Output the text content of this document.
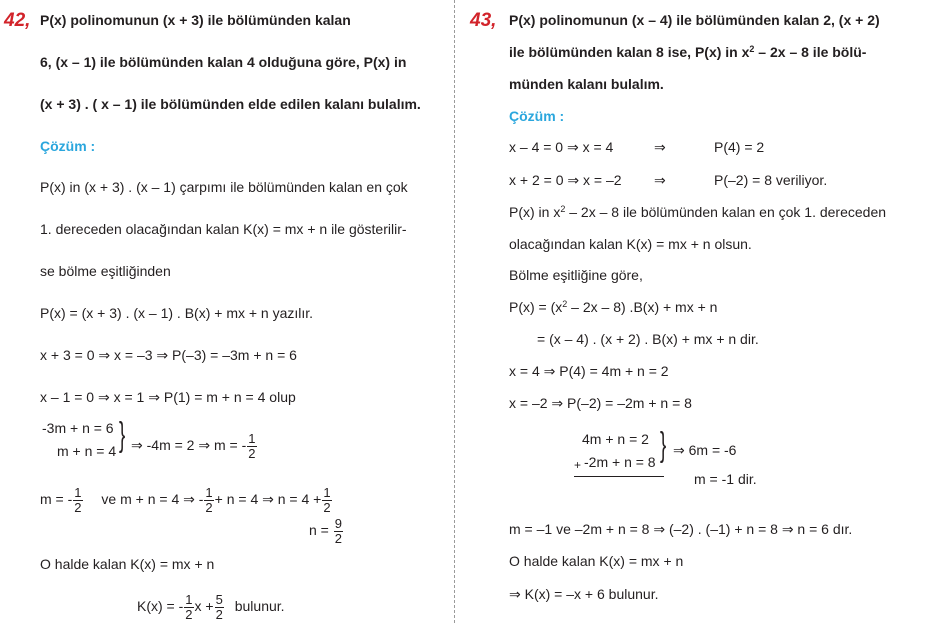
42, P(x) polinomunun (x + 3) ile bölümünden kalan
6, (x – 1) ile bölümünden kalan 4 olduğuna göre, P(x) in
(x + 3) . ( x – 1) ile bölümünden elde edilen kalanı bulalım.
Çözüm :
P(x) in (x + 3) . (x – 1) çarpımı ile bölümünden kalan en çok
1. dereceden olacağından kalan K(x) = mx + n ile gösterilir-
se bölme eşitliğinden
P(x) = (x + 3) . (x – 1) . B(x) + mx + n yazılır.
x + 3 = 0 ⇒ x = –3 ⇒ P(–3) = –3m + n = 6
x – 1 = 0 ⇒ x = 1 ⇒ P(1) = m + n = 4 olup
-3m + n = 6
m + n = 4 } ⇒ -4m = 2 ⇒ m = - $\frac{1}{2}$
m = - $\frac{1}{2}$ ve m + n = 4 ⇒ - $\frac{1}{2} + n = 4$ ⇒ $n = 4 + \frac{1}{2}$
$n = \frac{9}{2}$
O halde kalan K(x) = mx + n
K(x) = - $\frac{1}{2}$ $x + \frac{5}{2}$ bulunur.
43, P(x) polinomunun (x – 4) ile bölümünden kalan 2, (x + 2)
ile bölümünden kalan 8 ise, P(x) in $x^2 - 2x - 8$ ile bölü-
münden kalanı bulalım.
Çözüm :
x – 4 = 0 ⇒ x = 4	⇒	P(4) = 2
x + 2 = 0 ⇒ x = –2 ⇒	P(–2) = 8 veriliyor.
P(x) in $x^2 - 2x - 8$ ile bölümünden kalan en çok 1. dereceden
olacağından kalan K(x) = mx + n olsun.
Bölme eşitliğine göre,
$P(x) = (x^2 - 2x - 8) .B(x)$ + mx + n
= (x – 4) . (x + 2) . B(x) + mx + n dir.
x = 4 ⇒ P(4) = 4m + n = 2
x = –2 ⇒ P(–2) = –2m + n = 8
4m + n = 2
+ -2m + n = 8 } ⇒ 6m = -6
m = -1 dir.
m = –1 ve –2m + n = 8 ⇒ (–2) . (–1) + n = 8 ⇒ n = 6 dır.
O halde kalan K(x) = mx + n
⇒ K(x) = –x + 6 bulunur.
